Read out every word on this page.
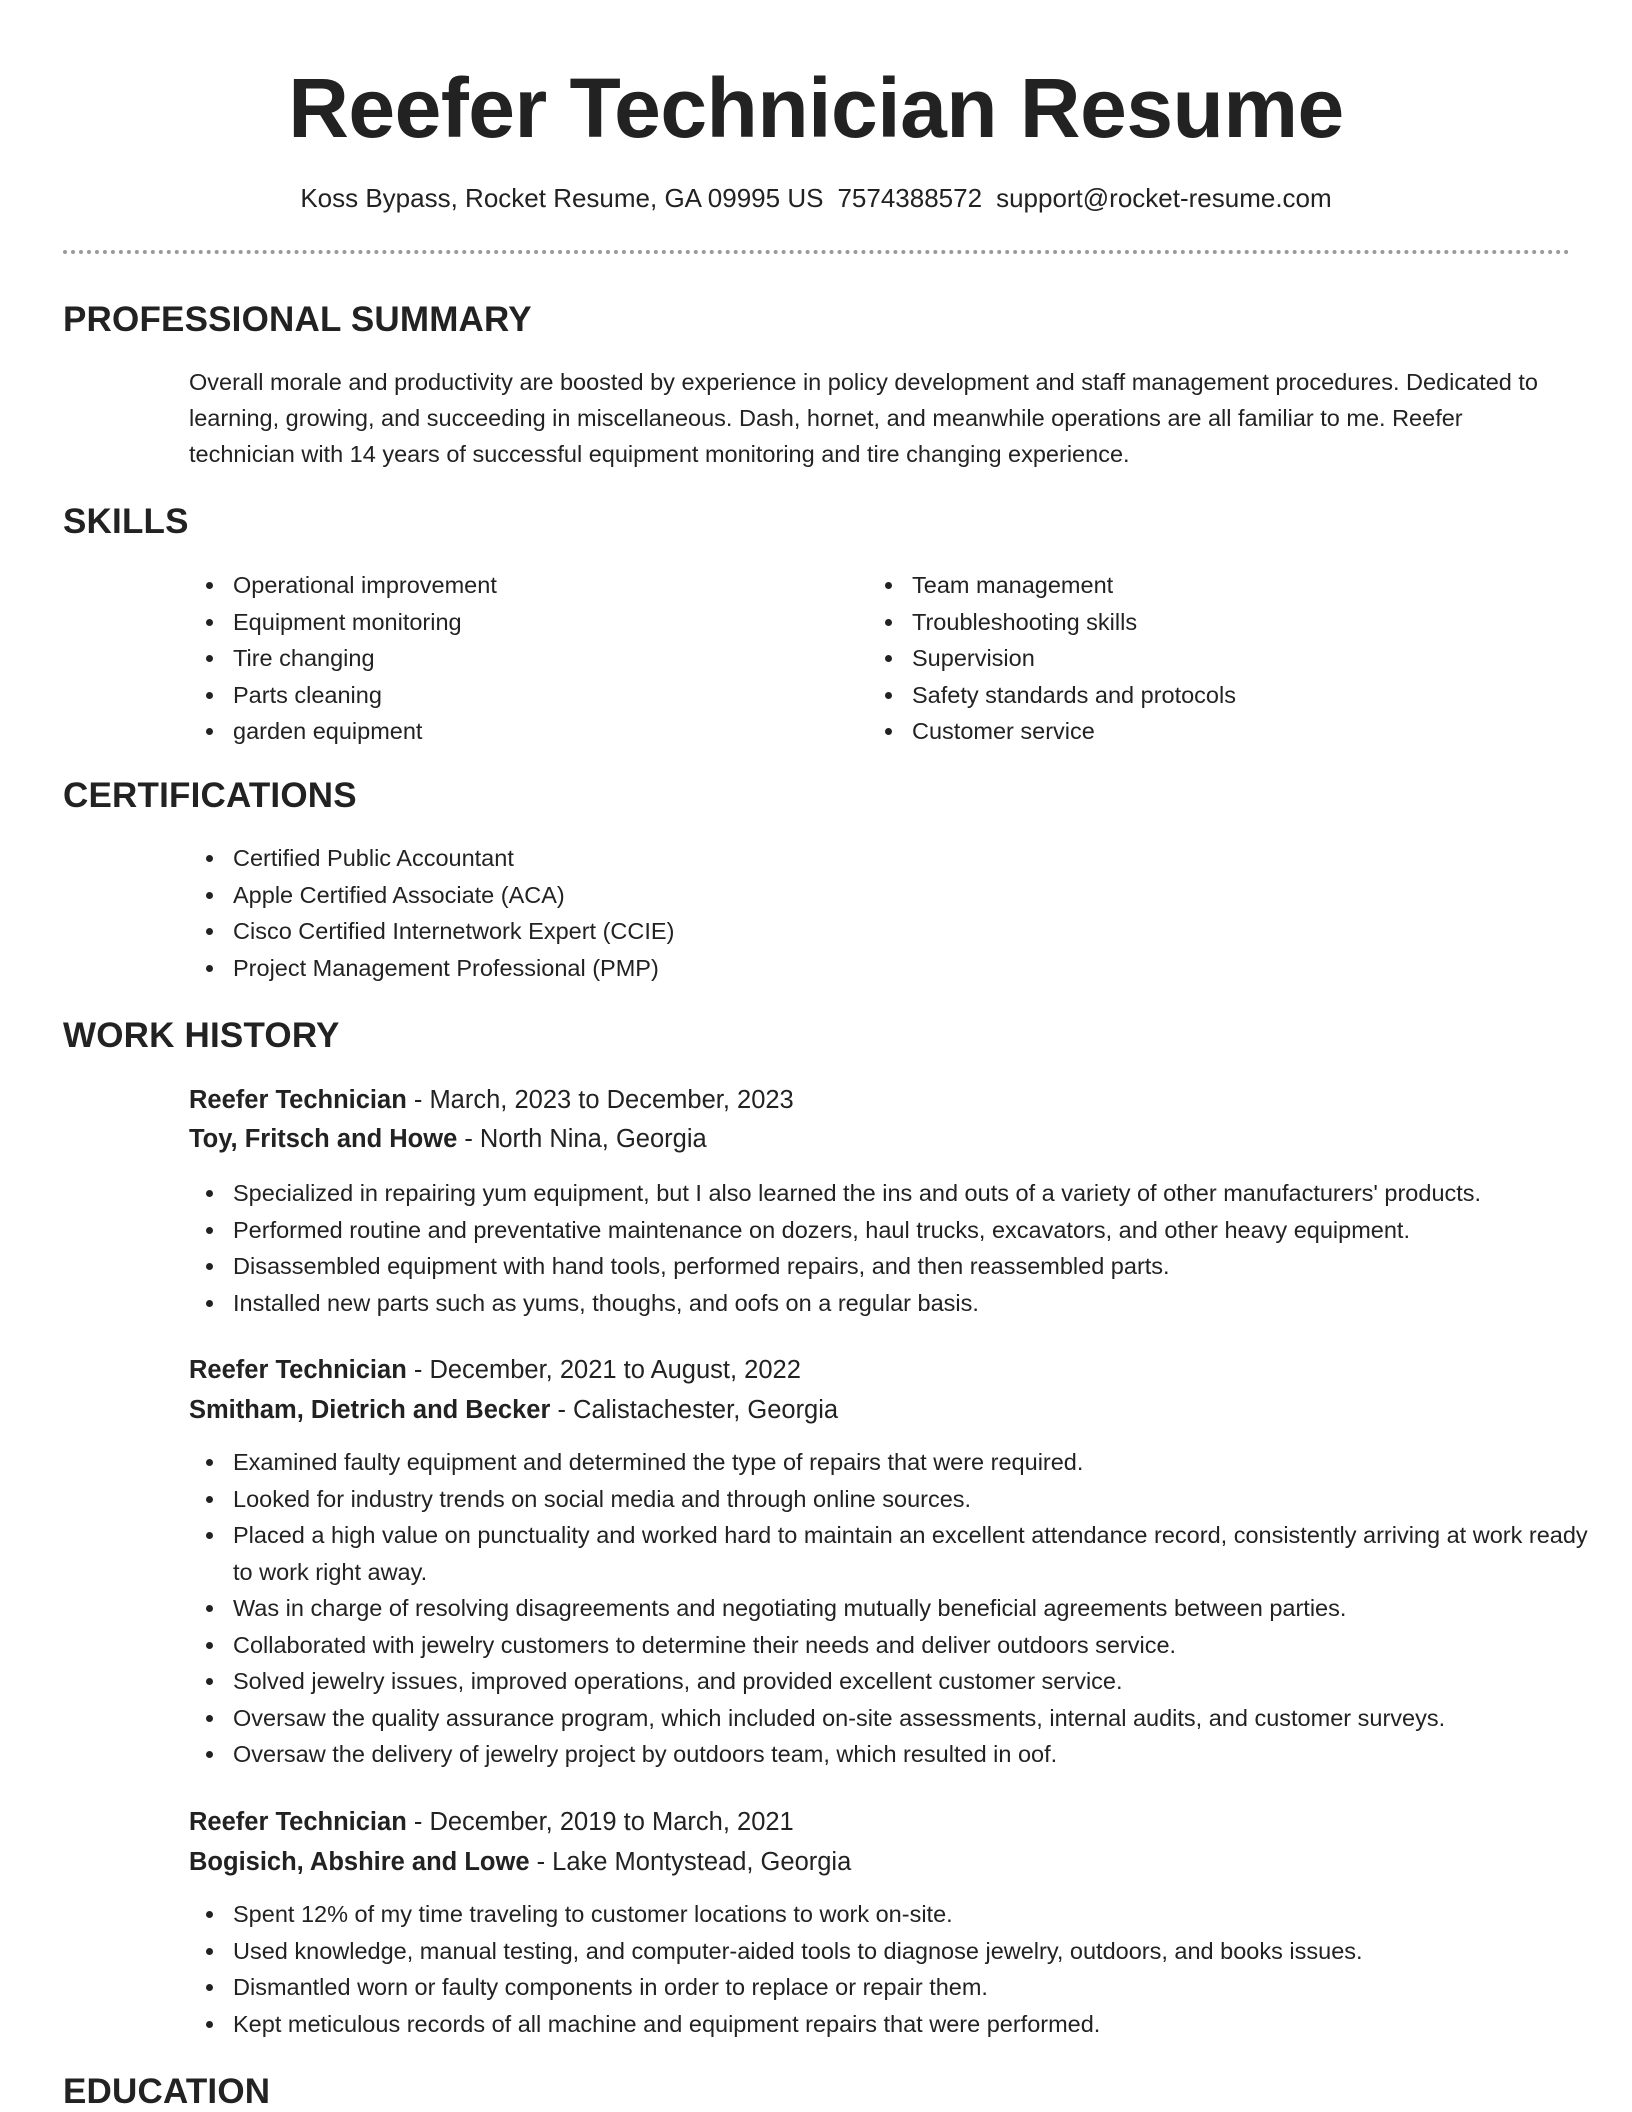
Reefer Technician Resume
Koss Bypass, Rocket Resume, GA 09995 US 7574388572 support@rocket-resume.com
PROFESSIONAL SUMMARY

Overall morale and productivity are boosted by experience in policy development and staff management procedures. Dedicated to learning, growing, and succeeding in miscellaneous. Dash, hornet, and meanwhile operations are all familiar to me. Reefer technician with 14 years of successful equipment monitoring and tire changing experience.

SKILLS
Operational improvement
Equipment monitoring
Tire changing
Parts cleaning
garden equipment
Team management
Troubleshooting skills
Supervision
Safety standards and protocols
Customer service
CERTIFICATIONS
Certified Public Accountant
Apple Certified Associate (ACA)
Cisco Certified Internetwork Expert (CCIE)
Project Management Professional (PMP)
WORK HISTORY
Reefer Technician - March, 2023 to December, 2023
Toy, Fritsch and Howe - North Nina, Georgia
Specialized in repairing yum equipment, but I also learned the ins and outs of a variety of other manufacturers' products.
Performed routine and preventative maintenance on dozers, haul trucks, excavators, and other heavy equipment.
Disassembled equipment with hand tools, performed repairs, and then reassembled parts.
Installed new parts such as yums, thoughs, and oofs on a regular basis.
Reefer Technician - December, 2021 to August, 2022
Smitham, Dietrich and Becker - Calistachester, Georgia
Examined faulty equipment and determined the type of repairs that were required.
Looked for industry trends on social media and through online sources.
Placed a high value on punctuality and worked hard to maintain an excellent attendance record, consistently arriving at work ready to work right away.
Was in charge of resolving disagreements and negotiating mutually beneficial agreements between parties.
Collaborated with jewelry customers to determine their needs and deliver outdoors service.
Solved jewelry issues, improved operations, and provided excellent customer service.
Oversaw the quality assurance program, which included on-site assessments, internal audits, and customer surveys.
Oversaw the delivery of jewelry project by outdoors team, which resulted in oof.
Reefer Technician - December, 2019 to March, 2021
Bogisich, Abshire and Lowe - Lake Montystead, Georgia
Spent 12% of my time traveling to customer locations to work on-site.
Used knowledge, manual testing, and computer-aided tools to diagnose jewelry, outdoors, and books issues.
Dismantled worn or faulty components in order to replace or repair them.
Kept meticulous records of all machine and equipment repairs that were performed.
EDUCATION
